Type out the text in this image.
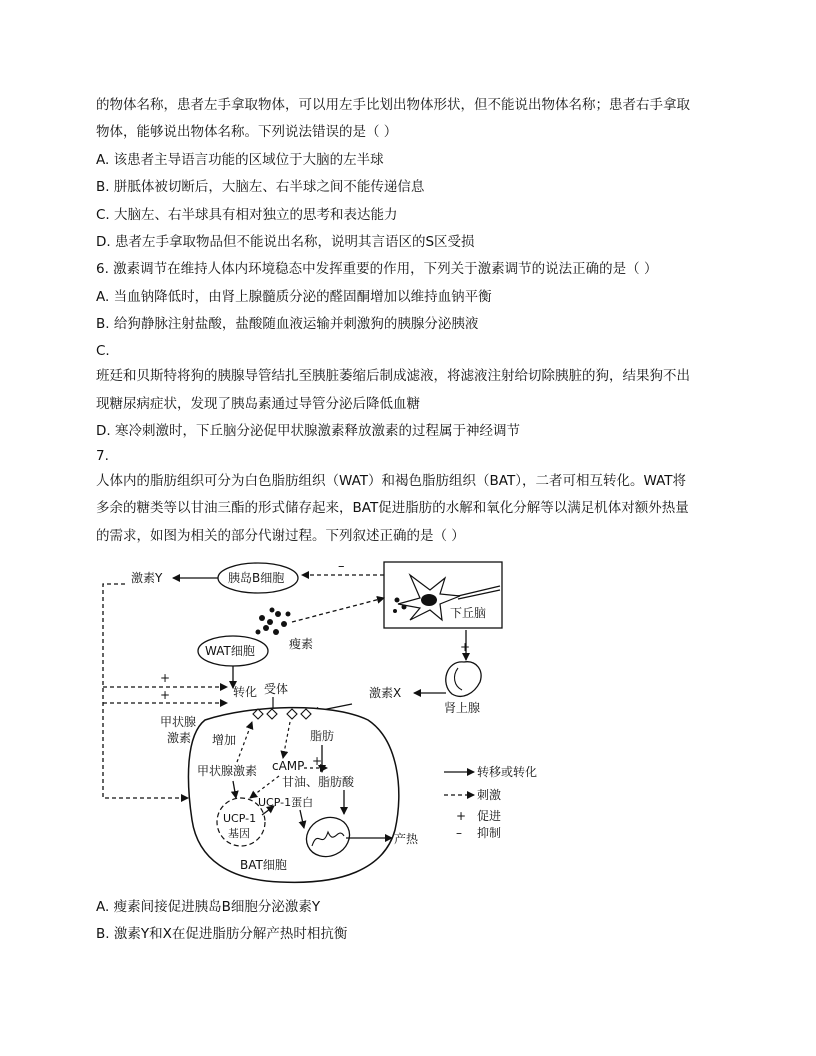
的物体名称，患者左手拿取物体，可以用左手比划出物体形状，但不能说出物体名称；患者右手拿取
物体，能够说出物体名称。下列说法错误的是（ ）
A. 该患者主导语言功能的区域位于大脑的左半球
B. 胼胝体被切断后，大脑左、右半球之间不能传递信息
C. 大脑左、右半球具有相对独立的思考和表达能力
D. 患者左手拿取物品但不能说出名称，说明其言语区的S区受损
6. 激素调节在维持人体内环境稳态中发挥重要的作用，下列关于激素调节的说法正确的是（ ）
A. 当血钠降低时，由肾上腺髓质分泌的醛固酮增加以维持血钠平衡
B. 给狗静脉注射盐酸，盐酸随血液运输并刺激狗的胰腺分泌胰液
C.
班廷和贝斯特将狗的胰腺导管结扎至胰脏萎缩后制成滤液，将滤液注射给切除胰脏的狗，结果狗不出
现糖尿病症状，发现了胰岛素通过导管分泌后降低血糖
D. 寒冷刺激时，下丘脑分泌促甲状腺激素释放激素的过程属于神经调节
7.
人体内的脂肪组织可分为白色脂肪组织（WAT）和褐色脂肪组织（BAT），二者可相互转化。WAT将
多余的糖类等以甘油三酯的形式储存起来，BAT促进脂肪的水解和氧化分解等以满足机体对额外热量
的需求，如图为相关的部分代谢过程。下列叙述正确的是（ ）
激素Y	胰岛B细胞
–
下丘脑
瘦素
WAT细胞
+
+	转化 受体
+
激素X
肾上腺
甲状腺
激素 增加	脂肪
甲状腺激素 cAMP +
甘油、脂肪酸
UCP-1
基因
UCP-1蛋白
产热
BAT细胞
转移或转化
刺激
+ 促进
– 抑制
A. 瘦素间接促进胰岛B细胞分泌激素Y
B. 激素Y和X在促进脂肪分解产热时相抗衡
